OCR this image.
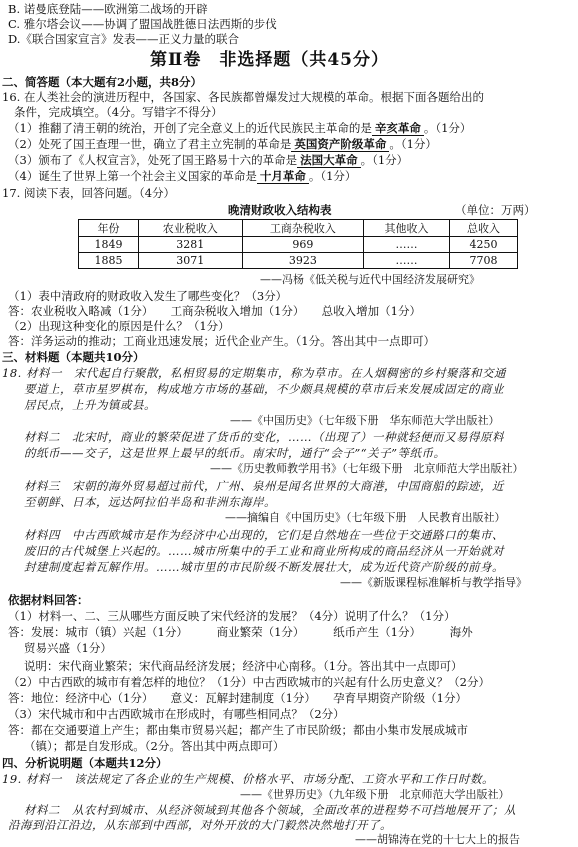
B. 诺曼底登陆——欧洲第二战场的开辟
C. 雅尔塔会议——协调了盟国战胜德日法西斯的步伐
D.《联合国家宣言》发表——正义力量的联合
第Ⅱ卷　非选择题（共45分）
二、简答题（本大题有2小题，共8分）
16. 在人类社会的演进历程中，各国家、各民族都曾爆发过大规模的革命。根据下面各题给出的
条件，完成填空。（4分。写错字不得分）
（1）推翻了清王朝的统治，开创了完全意义上的近代民族民主革命的是 辛亥革命 。（1分）
（2）处死了国王查理一世，确立了君主立宪制的革命是 英国资产阶级革命 。（1分）
（3）颁布了《人权宣言》，处死了国王路易十六的革命是 法国大革命 。（1分）
（4）诞生了世界上第一个社会主义国家的革命是 十月革命 。（1分）
17. 阅读下表，回答问题。（4分）
晚清财政收入结构表	（单位：万两）
年份	农业税收入	工商杂税收入	其他收入	总收入
1849	3281	969	……	4250
1885	3071	3923	……	7708
——冯杨《低关税与近代中国经济发展研究》
（1）表中清政府的财政收入发生了哪些变化？（3分）
答：农业税收入略减（1分）　　工商杂税收入增加（1分）　　总收入增加（1分）
（2）出现这种变化的原因是什么？（1分）
答：洋务运动的推动；工商业迅速发展；近代企业产生。（1分。答出其中一点即可）
三、材料题（本题共10分）
18. 材料一　宋代起自行聚散，私相贸易的定期集市，称为草市。在人烟稠密的乡村聚落和交通
要道上，草市星罗棋布，构成地方市场的基础，不少颇具规模的草市后来发展成固定的商业
居民点，上升为镇或县。
——《中国历史》（七年级下册　华东师范大学出版社）
材料二　北宋时，商业的繁荣促进了货币的变化，……（出现了）一种就轻便而又易得原料
的纸币——交子，这是世界上最早的纸币。南宋时，通行“会子”“关子”等纸币。
——《历史教师教学用书》（七年级下册　北京师范大学出版社）
材料三　宋朝的海外贸易超过前代，广州、泉州是闻名世界的大商港，中国商船的踪迹，近
至朝鲜、日本，远达阿拉伯半岛和非洲东海岸。
——摘编自《中国历史》（七年级下册　人民教育出版社）
材料四　中古西欧城市是作为经济中心出现的，它们是自然地在一些位于交通路口的集市、
废旧的古代城堡上兴起的。……城市所集中的手工业和商业所构成的商品经济从一开始就对
封建制度起着瓦解作用。……城市里的市民阶级不断发展壮大，成为近代资产阶级的前身。
——《新版课程标准解析与教学指导》
依据材料回答：
（1）材料一、二、三从哪些方面反映了宋代经济的发展？（4分）说明了什么？（1分）
答：发展：城市（镇）兴起（1分）　　　商业繁荣（1分）　　　纸币产生（1分）　　　海外
贸易兴盛（1分）
说明：宋代商业繁荣；宋代商品经济发展；经济中心南移。（1分。答出其中一点即可）
（2）中古西欧的城市有着怎样的地位？（1分）中古西欧城市的兴起有什么历史意义？（2分）
答：地位：经济中心（1分）　　意义：瓦解封建制度（1分）　　孕育早期资产阶级（1分）
（3）宋代城市和中古西欧城市在形成时，有哪些相同点？（2分）
答：都在交通要道上产生；都由集市贸易兴起；都产生了市民阶级；都由小集市发展成城市
（镇）；都是自发形成。（2分。答出其中两点即可）
四、分析说明题（本题共12分）
19. 材料一　该法规定了各企业的生产规模、价格水平、市场分配、工资水平和工作日时数。
——《世界历史》（九年级下册　北京师范大学出版社）
材料二　从农村到城市、从经济领域到其他各个领域，全面改革的进程势不可挡地展开了；从
沿海到沿江沿边，从东部到中西部，对外开放的大门毅然决然地打开了。
——胡锦涛在党的十七大上的报告
